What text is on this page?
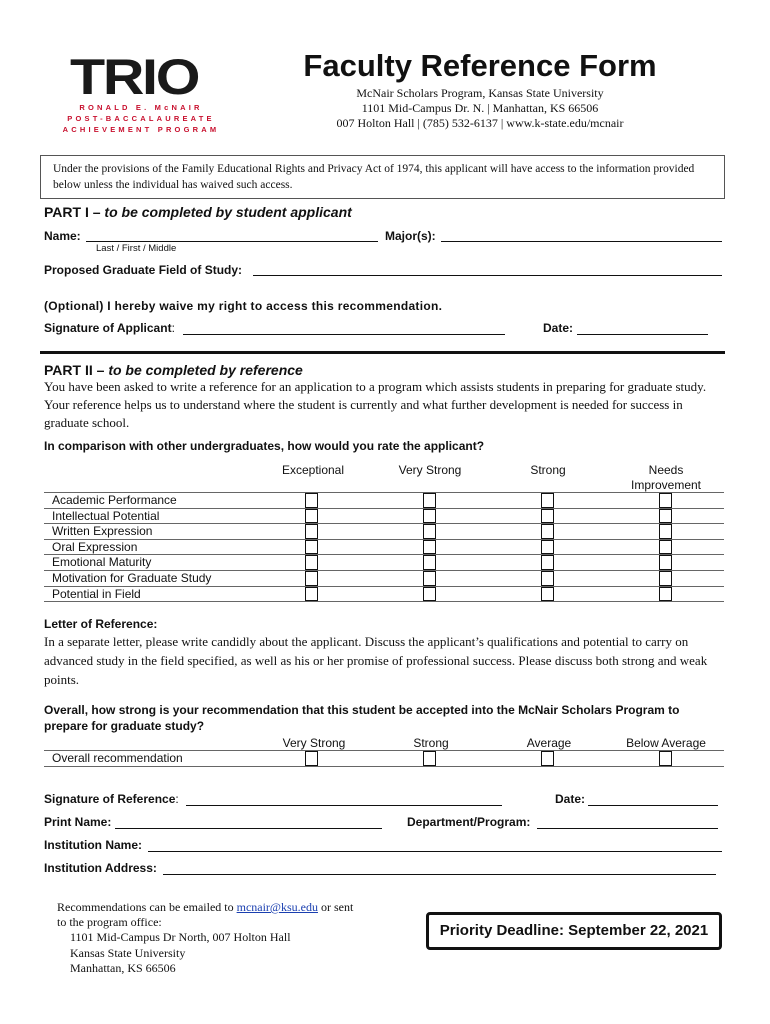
TRIO
RONALD E. McNAIR
POST-BACCALAUREATE
ACHIEVEMENT PROGRAM
Faculty Reference Form
McNair Scholars Program, Kansas State University
1101 Mid-Campus Dr. N. | Manhattan, KS 66506
007 Holton Hall | (785) 532-6137 | www.k-state.edu/mcnair
Under the provisions of the Family Educational Rights and Privacy Act of 1974, this applicant will have access to the information provided below unless the individual has waived such access.
PART I – to be completed by student applicant
Name:
Last / First / Middle
Major(s):
Proposed Graduate Field of Study:
(Optional) I hereby waive my right to access this recommendation.
Signature of Applicant:	Date:
PART II – to be completed by reference
You have been asked to write a reference for an application to a program which assists students in preparing for graduate study. Your reference helps us to understand where the student is currently and what further development is needed for success in graduate school.
In comparison with other undergraduates, how would you rate the applicant?
Exceptional	Very Strong	Strong	Needs Improvement
Academic Performance
Intellectual Potential
Written Expression
Oral Expression
Emotional Maturity
Motivation for Graduate Study
Potential in Field
Letter of Reference:
In a separate letter, please write candidly about the applicant. Discuss the applicant’s qualifications and potential to carry on advanced study in the field specified, as well as his or her promise of professional success. Please discuss both strong and weak points.
Overall, how strong is your recommendation that this student be accepted into the McNair Scholars Program to prepare for graduate study?
Very Strong	Strong	Average	Below Average
Overall recommendation
Signature of Reference:	Date:
Print Name:	Department/Program:
Institution Name:
Institution Address:
Recommendations can be emailed to mcnair@ksu.edu or sent
to the program office:
1101 Mid-Campus Dr North, 007 Holton Hall
Kansas State University
Manhattan, KS 66506
Priority Deadline: September 22, 2021
